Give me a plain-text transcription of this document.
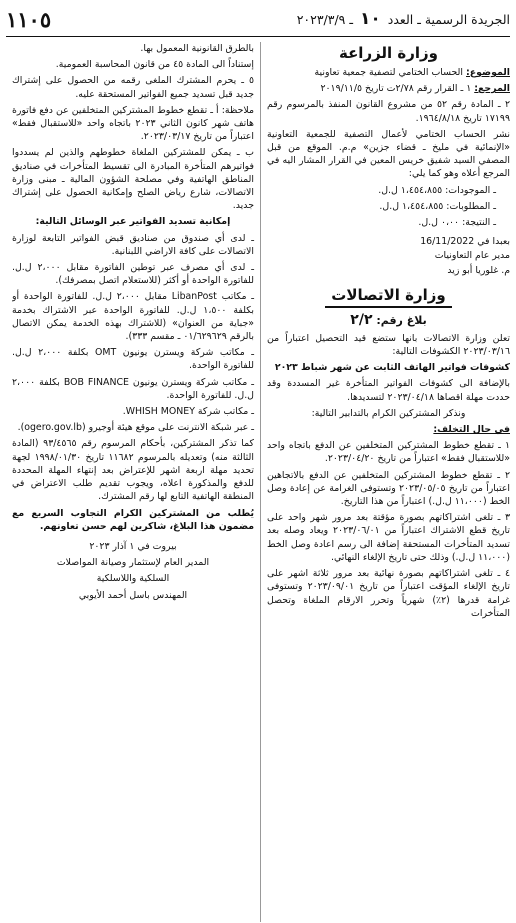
الجريدة الرسمية ـ العدد ١٠ ـ ٢٠٢٣/٣/٩
١١٠٥
وزارة الزراعة

الموضوع: الحساب الختامي لتصفية جمعية تعاونية

المرجع: ١ ـ القرار رقم ٢/٧٨ت تاريخ ٢٠١٩/١١/٥

٢ ـ المادة رقم ٥٢ من مشروع القانون المنفذ بالمرسوم رقم ١٧١٩٩ تاريخ ١٩٦٤/٨/١٨.

نشر الحساب الختامي لأعمال التصفية للجمعية التعاونية «الإنمائية في مليخ ـ قضاء جزين» م.م. الموقع من قبل المصفي السيد شفيق خريس المعين في القرار المشار اليه في المرجع أعلاه وهو كما يلي:

ـ الموجودات: ١،٤٥٤،٨٥٥ ل.ل.

ـ المطلوبات: ١،٤٥٤،٨٥٥ ل.ل.

ـ النتيجة: ٠،٠٠ ل.ل.

بعبدا في 16/11/2022

مدير عام التعاونيات

م. غلوريا أبو زيد

وزارة الاتصالات
بلاغ رقم: ٢/٢

تعلن وزارة الاتصالات بانها ستضع قيد التحصيل اعتباراً من ٢٠٢٣/٠٣/١٦ الكشوفات التالية:

كشوفات فواتير الهاتف الثابت عن شهر شباط ٢٠٢٣

بالإضافة الى كشوفات الفواتير المتأخرة غير المسددة وقد حددت مهلة اقصاها ٢٠٢٣/٠٤/١٨ لتسديدها.

ونذكر المشتركين الكرام بالتدابير التالية:

في حال التخلف:

١ ـ تقطع خطوط المشتركين المتخلفين عن الدفع باتجاه واحد «للاستقبال فقط» اعتباراً من تاريخ ٢٠٢٣/٠٤/٢٠.

٢ ـ تقطع خطوط المشتركين المتخلفين عن الدفع بالاتجاهين اعتباراً من تاريخ ٢٠٢٣/٠٥/٠٥ وتستوفى الغرامة عن إعادة وصل الخط (١١،٠٠٠ ل.ل.) اعتباراً من هذا التاريخ.

٣ ـ تلغى اشتراكاتهم بصورة مؤقتة بعد مرور شهر واحد على تاريخ قطع الاشتراك اعتباراً من ٢٠٢٣/٠٦/٠١ ويعاد وصله بعد تسديد المتأخرات المستحقة إضافة الى رسم اعادة وصل الخط (١١،٠٠٠ ل.ل.) وذلك حتى تاريخ الإلغاء النهائي.

٤ ـ تلغى اشتراكاتهم بصورة نهائية بعد مرور ثلاثة اشهر على تاريخ الإلغاء المؤقت اعتباراً من تاريخ ٢٠٢٣/٠٩/٠١ وتستوفى غرامة قدرها (٢٪) شهرياً وتحرر الارقام الملغاة وتحصل المتأخرات

بالطرق القانونية المعمول بها.

إستناداً الى المادة ٤٥ من قانون المحاسبة العمومية.

٥ ـ يحرم المشترك الملغى رقمه من الحصول على إشتراك جديد قبل تسديد جميع الفواتير المستحقة عليه.

ملاحظة: أ ـ تقطع خطوط المشتركين المتخلفين عن دفع فاتورة هاتف شهر كانون الثاني ٢٠٢٣ باتجاه واحد «للاستقبال فقط» اعتباراً من تاريخ ٢٠٢٣/٠٣/١٧.

ب ـ يمكن للمشتركين الملغاة خطوطهم والذين لم يسددوا فواتيرهم المتأخرة المبادرة الى تقسيط المتأخرات في صناديق المناطق الهاتفية وفي مصلحة الشؤون المالية ـ مبنى وزارة الاتصالات، شارع رياض الصلح وإمكانية الحصول على إشتراك جديد.

إمكانية تسديد الفواتير عبر الوسائل التالية:

ـ لدى أي صندوق من صناديق قبض الفواتير التابعة لوزارة الاتصالات على كافة الاراضي اللبنانية.

ـ لدى أي مصرف عبر توطين الفاتورة مقابل ٢،٠٠٠ ل.ل. للفاتورة الواحدة أو أكثر (للاستعلام اتصل بمصرفك).

ـ مكاتب LibanPost مقابل ٢،٠٠٠ ل.ل. للفاتورة الواحدة أو بكلفة ١،٥٠٠ ل.ل. للفاتورة الواحدة عبر الاشتراك بخدمة «جباية من العنوان» (للاشتراك بهذه الخدمة يمكن الاتصال بالرقم ٠١/٦٢٩٦٢٩ ـ مقسم ٣٣٣).

ـ مكاتب شركة ويسترن يونيون OMT بكلفة ٢،٠٠٠ ل.ل. للفاتورة الواحدة.

ـ مكاتب شركة ويسترن يونيون BOB FINANCE بكلفة ٢،٠٠٠ ل.ل. للفاتورة الواحدة.

ـ مكاتب شركة WHISH MONEY.

ـ عبر شبكة الانترنت على موقع هيئة أوجيرو (ogero.gov.lb).

كما تذكر المشتركين، بأحكام المرسوم رقم ٩٣/٤٥٦٥ (المادة الثالثة منه) وتعديله بالمرسوم ١١٦٨٢ تاريخ ١٩٩٨/٠١/٣٠ لجهة تحديد مهلة اربعة اشهر للإعتراض بعد إنتهاء المهلة المحددة للدفع والمذكورة اعلاه، ويجوب تقديم طلب الاعتراض في المنطقة الهاتفية التابع لها رقم المشترك.

يُطلب من المشتركين الكرام التجاوب السريع مع مضمون هذا البلاغ، شاكرين لهم حسن تعاونهم.

بيروت في ١ آذار ٢٠٢٣

المدير العام لإستثمار وصيانة المواصلات

السلكية واللاسلكية

المهندس باسل أحمد الأيوبي
